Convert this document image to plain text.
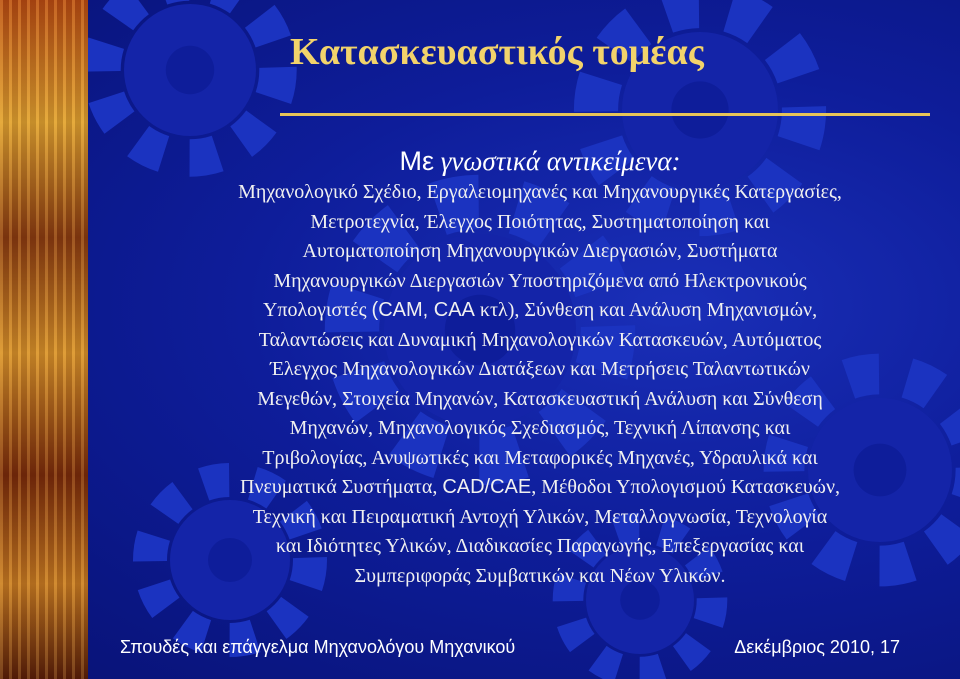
Κατασκευαστικός τομέας
Με γνωστικά αντικείμενα:
Μηχανολογικό Σχέδιο, Εργαλειομηχανές και Μηχανουργικές Κατεργασίες,
Μετροτεχνία, Έλεγχος Ποιότητας, Συστηματοποίηση και
Αυτοματοποίηση Μηχανουργικών Διεργασιών, Συστήματα
Μηχανουργικών Διεργασιών Υποστηριζόμενα από Ηλεκτρονικούς
Υπολογιστές (CAM, CAA κτλ), Σύνθεση και Ανάλυση Μηχανισμών,
Ταλαντώσεις και Δυναμική Μηχανολογικών Κατασκευών, Αυτόματος
Έλεγχος Μηχανολογικών Διατάξεων και Μετρήσεις Ταλαντωτικών
Μεγεθών, Στοιχεία Μηχανών, Κατασκευαστική Ανάλυση και Σύνθεση
Μηχανών, Μηχανολογικός Σχεδιασμός, Τεχνική Λίπανσης και
Τριβολογίας, Ανυψωτικές και Μεταφορικές Μηχανές, Υδραυλικά και
Πνευματικά Συστήματα, CAD/CAE, Μέθοδοι Υπολογισμού Κατασκευών,
Τεχνική και Πειραματική Αντοχή Υλικών, Μεταλλογνωσία, Τεχνολογία
και Ιδιότητες Υλικών, Διαδικασίες Παραγωγής, Επεξεργασίας και
Συμπεριφοράς Συμβατικών και Νέων Υλικών.
Σπουδές και επάγγελμα Μηχανολόγου Μηχανικού	Δεκέμβριος 2010, 17
